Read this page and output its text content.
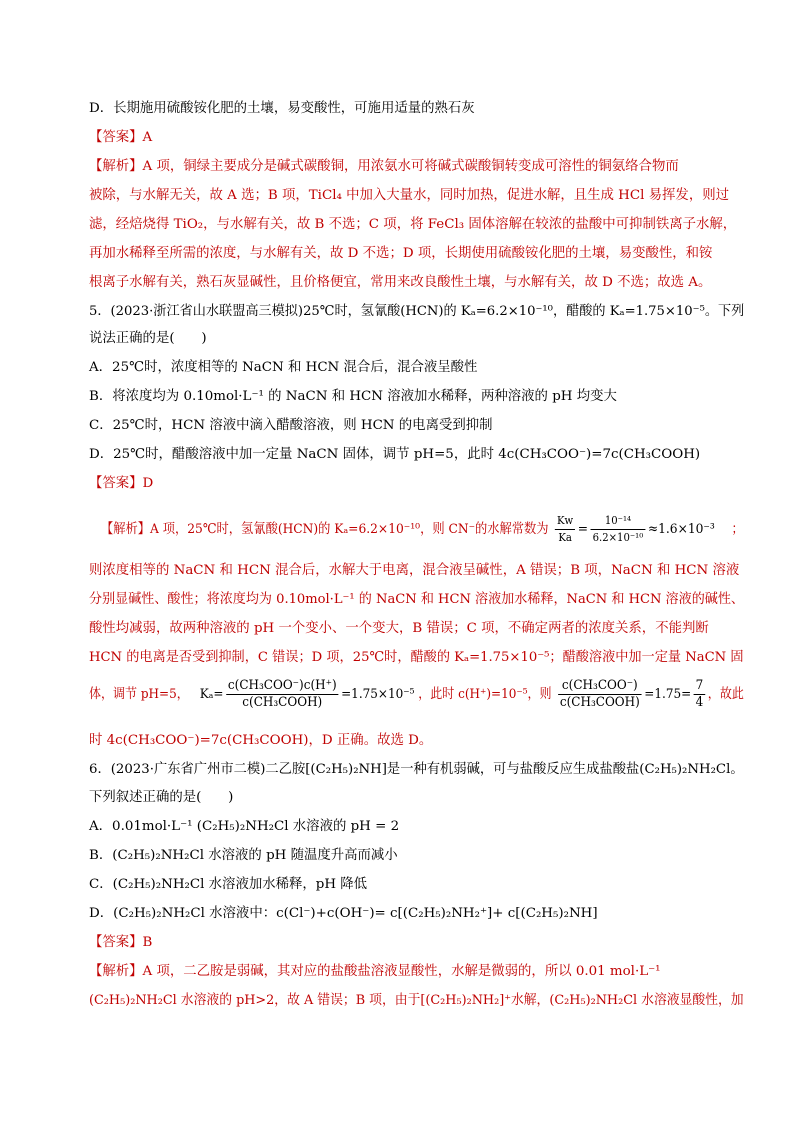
D．长期施用硫酸铵化肥的土壤，易变酸性，可施用适量的熟石灰
【答案】A
【解析】A 项，铜绿主要成分是碱式碳酸铜，用浓氨水可将碱式碳酸铜转变成可溶性的铜氨络合物而
被除，与水解无关，故 A 选；B 项，TiCl₄ 中加入大量水，同时加热，促进水解，且生成 HCl 易挥发，则过
滤，经焙烧得 TiO₂，与水解有关，故 B 不选；C 项，将 FeCl₃ 固体溶解在较浓的盐酸中可抑制铁离子水解，
再加水稀释至所需的浓度，与水解有关，故 D 不选；D 项，长期使用硫酸铵化肥的土壤，易变酸性，和铵
根离子水解有关，熟石灰显碱性，且价格便宜，常用来改良酸性土壤，与水解有关，故 D 不选；故选 A。
5．(2023·浙江省山水联盟高三模拟)25℃时，氢氰酸(HCN)的 Kₐ=6.2×10⁻¹⁰，醋酸的 Kₐ=1.75×10⁻⁵。下列
说法正确的是(　　)
A．25℃时，浓度相等的 NaCN 和 HCN 混合后，混合液呈酸性
B．将浓度均为 0.10mol·L⁻¹ 的 NaCN 和 HCN 溶液加水稀释，两种溶液的 pH 均变大
C．25℃时，HCN 溶液中滴入醋酸溶液，则 HCN 的电离受到抑制
D．25℃时，醋酸溶液中加一定量 NaCN 固体，调节 pH=5，此时 4c(CH₃COO⁻)=7c(CH₃COOH)
【答案】D
【解析】A 项，25℃时，氢氰酸(HCN)的 Kₐ=6.2×10⁻¹⁰，则 CN⁻的水解常数为 $\frac{Kw}{Ka} = \frac{\text{10⁻¹⁴}}{\text{6.2×10⁻¹⁰}} \approx 1.6\times 10^{-3}$ ；
则浓度相等的 NaCN 和 HCN 混合后，水解大于电离，混合液呈碱性，A 错误；B 项，NaCN 和 HCN 溶液
分别显碱性、酸性；将浓度均为 0.10mol·L⁻¹ 的 NaCN 和 HCN 溶液加水稀释，NaCN 和 HCN 溶液的碱性、
酸性均减弱，故两种溶液的 pH 一个变小、一个变大，B 错误；C 项，不确定两者的浓度关系，不能判断
HCN 的电离是否受到抑制，C 错误；D 项，25℃时，醋酸的 Kₐ=1.75×10⁻⁵；醋酸溶液中加一定量 NaCN 固
体，调节 pH=5， $K_a= \frac{\text{c(CH₃COO⁻)c(H⁺)}}{\text{c(CH₃COOH)}} =1.75\times 10^{-5}$ ，此时 c(H⁺)=10⁻⁵，则 $\frac{\text{c(CH₃COO⁻)}}{\text{c(CH₃COOH)}} =1.75= \frac{7}{4}$ ，故此
时 4c(CH₃COO⁻)=7c(CH₃COOH)，D 正确。故选 D。
6．(2023·广东省广州市二模)二乙胺[(C₂H₅)₂NH]是一种有机弱碱，可与盐酸反应生成盐酸盐(C₂H₅)₂NH₂Cl。
下列叙述正确的是(　　)
A．0.01mol·L⁻¹ (C₂H₅)₂NH₂Cl 水溶液的 pH = 2
B．(C₂H₅)₂NH₂Cl 水溶液的 pH 随温度升高而减小
C．(C₂H₅)₂NH₂Cl 水溶液加水稀释，pH 降低
D．(C₂H₅)₂NH₂Cl 水溶液中：c(Cl⁻)+c(OH⁻)= c[(C₂H₅)₂NH₂⁺]+ c[(C₂H₅)₂NH]
【答案】B
【解析】A 项，二乙胺是弱碱，其对应的盐酸盐溶液显酸性，水解是微弱的，所以 0.01 mol·L⁻¹
(C₂H₅)₂NH₂Cl 水溶液的 pH>2，故 A 错误；B 项，由于[(C₂H₅)₂NH₂]⁺水解，(C₂H₅)₂NH₂Cl 水溶液显酸性，加
